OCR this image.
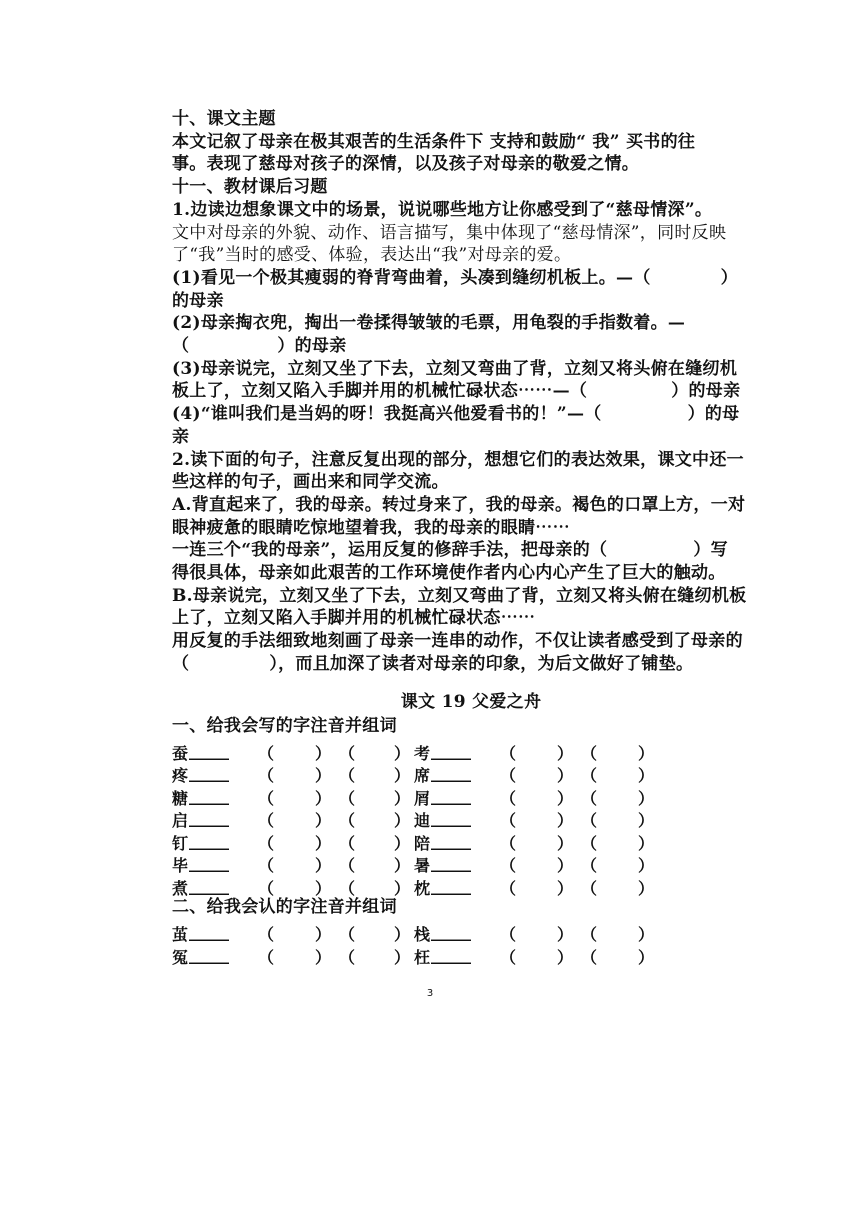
十、课文主题
本文记叙了母亲在极其艰苦的生活条件下 支持和鼓励“ 我” 买书的往
事。表现了慈母对孩子的深情，以及孩子对母亲的敬爱之情。
十一、教材课后习题
1.边读边想象课文中的场景，说说哪些地方让你感受到了“慈母情深”。
文中对母亲的外貌、动作、语言描写，集中体现了“慈母情深”，同时反映
了“我”当时的感受、体验，表达出“我”对母亲的爱。
(1)看见一个极其瘦弱的脊背弯曲着，头凑到缝纫机板上。—（	）
的母亲
(2)母亲掏衣兜，掏出一卷揉得皱皱的毛票，用龟裂的手指数着。—
（	）的母亲
(3)母亲说完，立刻又坐了下去，立刻又弯曲了背，立刻又将头俯在缝纫机
板上了，立刻又陷入手脚并用的机械忙碌状态⋯⋯—（	）的母亲
(4)“谁叫我们是当妈的呀！我挺高兴他爱看书的！”—（	）的母
亲
2.读下面的句子，注意反复出现的部分，想想它们的表达效果，课文中还一
些这样的句子，画出来和同学交流。
A.背直起来了，我的母亲。转过身来了，我的母亲。褐色的口罩上方，一对
眼神疲惫的眼睛吃惊地望着我，我的母亲的眼睛⋯⋯
一连三个“我的母亲”，运用反复的修辞手法，把母亲的（	）写
得很具体，母亲如此艰苦的工作环境使作者内心内心产生了巨大的触动。
B.母亲说完，立刻又坐了下去，立刻又弯曲了背，立刻又将头俯在缝纫机板
上了，立刻又陷入手脚并用的机械忙碌状态⋯⋯
用反复的手法细致地刻画了母亲一连串的动作，不仅让读者感受到了母亲的
（	），而且加深了读者对母亲的印象，为后文做好了铺垫。
课文 19 父爱之舟
一、给我会写的字注音并组词
蚕 _____ （	） （ ） 考 _____ （	） （	）
疼 _____ （	） （ ） 席 _____ （	） （	）
糖 _____ （	） （ ） 屑 _____ （	） （	）
启 _____ （	） （ ） 迪 _____ （	） （	）
钉 _____ （	） （ ） 陪 _____ （	） （	）
毕 _____ （	） （ ） 暑 _____ （	） （	）
煮 _____ （	） （ ） 枕 _____ （	） （	）
二、给我会认的字注音并组词
茧 _____ （	） （ ） 栈 _____ （	） （	）
冤 _____ （	） （ ） 枉 _____ （	） （	）
3
